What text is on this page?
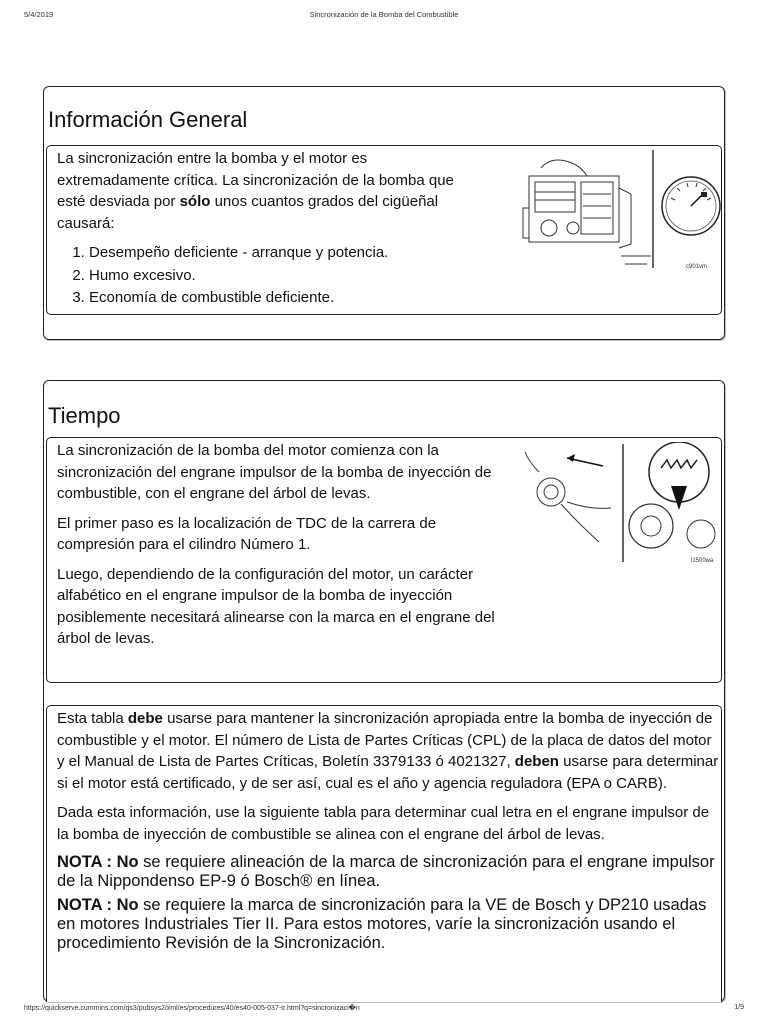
5/4/2019	Sincronización de la Bomba del Combustible
Información General

La sincronización entre la bomba y el motor es extremadamente crítica. La sincronización de la bomba que esté desviada por sólo unos cuantos grados del cigüeñal causará:

1. Desempeño deficiente - arranque y potencia.
2. Humo excesivo.
3. Economía de combustible deficiente.
c901vm
Tiempo

La sincronización de la bomba del motor comienza con la sincronización del engrane impulsor de la bomba de inyección de combustible, con el engrane del árbol de levas.

El primer paso es la localización de TDC de la carrera de compresión para el cilindro Número 1.

Luego, dependiendo de la configuración del motor, un carácter alfabético en el engrane impulsor de la bomba de inyección posiblemente necesitará alinearse con la marca en el engrane del árbol de levas.

l1500wa

Esta tabla debe usarse para mantener la sincronización apropiada entre la bomba de inyección de combustible y el motor. El número de Lista de Partes Críticas (CPL) de la placa de datos del motor y el Manual de Lista de Partes Críticas, Boletín 3379133 ó 4021327, deben usarse para determinar si el motor está certificado, y de ser así, cual es el año y agencia reguladora (EPA o CARB).

Dada esta información, use la siguiente tabla para determinar cual letra en el engrane impulsor de la bomba de inyección de combustible se alinea con el engrane del árbol de levas.

NOTA : No se requiere alineación de la marca de sincronización para el engrane impulsor de la Nippondenso EP-9 ó Bosch® en línea.

NOTA : No se requiere la marca de sincronización para la VE de Bosch y DP210 usadas en motores Industriales Tier II. Para estos motores, varíe la sincronización usando el procedimiento Revisión de la Sincronización.

https://quickserve.cummins.com/qs3/pubsys2/xml/es/procedures/40/es40-005-037-tr.html?q=sincronizaci�n	1/9
